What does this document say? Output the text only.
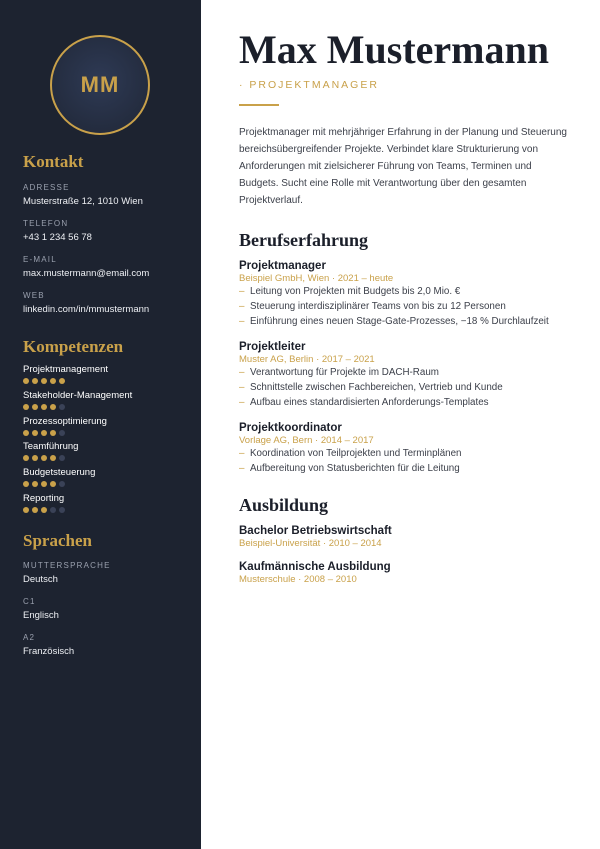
MM
Kontakt
ADRESSE
Musterstraße 12, 1010 Wien
TELEFON
+43 1 234 56 78
E-MAIL
max.mustermann@email.com
WEB
linkedin.com/in/mmustermann
Kompetenzen
Projektmanagement
Stakeholder-Management
Prozessoptimierung
Teamführung
Budgetsteuerung
Reporting
Sprachen
MUTTERSPRACHE
Deutsch
C1
Englisch
A2
Französisch
Max Mustermann
· PROJEKTMANAGER

Projektmanager mit mehrjähriger Erfahrung in der Planung und Steuerung bereichsübergreifender Projekte. Verbindet klare Strukturierung von Anforderungen mit zielsicherer Führung von Teams, Terminen und Budgets. Sucht eine Rolle mit Verantwortung über den gesamten Projektverlauf.

Berufserfahrung
Projektmanager
Beispiel GmbH, Wien · 2021 – heute
– Leitung von Projekten mit Budgets bis 2,0 Mio. €
– Steuerung interdisziplinärer Teams von bis zu 12 Personen
– Einführung eines neuen Stage-Gate-Prozesses, −18 % Durchlaufzeit
Projektleiter
Muster AG, Berlin · 2017 – 2021
– Verantwortung für Projekte im DACH-Raum
– Schnittstelle zwischen Fachbereichen, Vertrieb und Kunde
– Aufbau eines standardisierten Anforderungs-Templates
Projektkoordinator
Vorlage AG, Bern · 2014 – 2017
– Koordination von Teilprojekten und Terminplänen
– Aufbereitung von Statusberichten für die Leitung
Ausbildung
Bachelor Betriebswirtschaft
Beispiel-Universität · 2010 – 2014
Kaufmännische Ausbildung
Musterschule · 2008 – 2010
